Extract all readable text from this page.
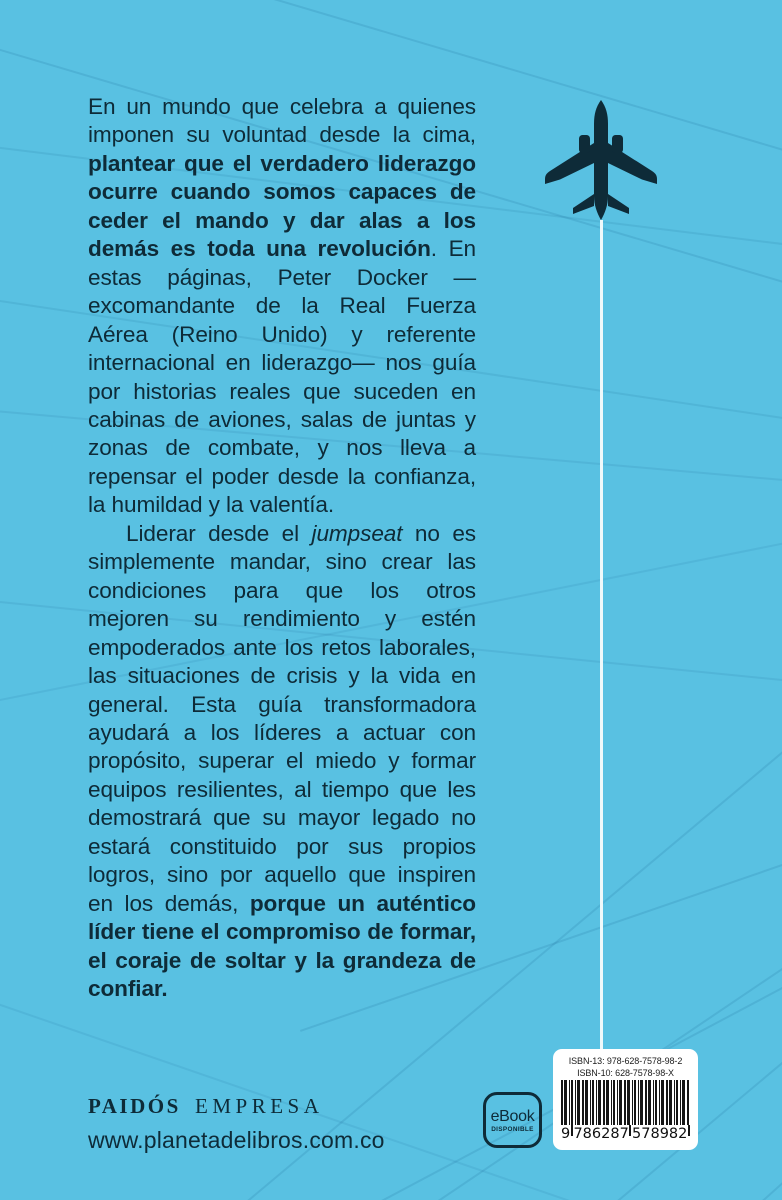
En un mundo que celebra a quienes imponen su voluntad desde la cima, plantear que el verdadero liderazgo ocurre cuando somos capaces de ceder el mando y dar alas a los demás es toda una revolución. En estas páginas, Peter Docker —excomandante de la Real Fuerza Aérea (Reino Unido) y referente internacional en liderazgo— nos guía por historias reales que suceden en cabinas de aviones, salas de juntas y zonas de combate, y nos lleva a repensar el poder desde la confianza, la humildad y la valentía.

Liderar desde el jumpseat no es simplemente mandar, sino crear las condiciones para que los otros mejoren su rendimiento y estén empoderados ante los retos laborales, las situaciones de crisis y la vida en general. Esta guía transformadora ayudará a los líderes a actuar con propósito, superar el miedo y formar equipos resilientes, al tiempo que les demostrará que su mayor legado no estará constituido por sus propios logros, sino por aquello que inspiren en los demás, porque un auténtico líder tiene el compromiso de formar, el coraje de soltar y la grandeza de confiar.

PAIDÓS EMPRESA
www.planetadelibros.com.co
eBook
DISPONIBLE
ISBN-13: 978-628-7578-98-2
ISBN-10: 628-7578-98-X
9 786287 578982
